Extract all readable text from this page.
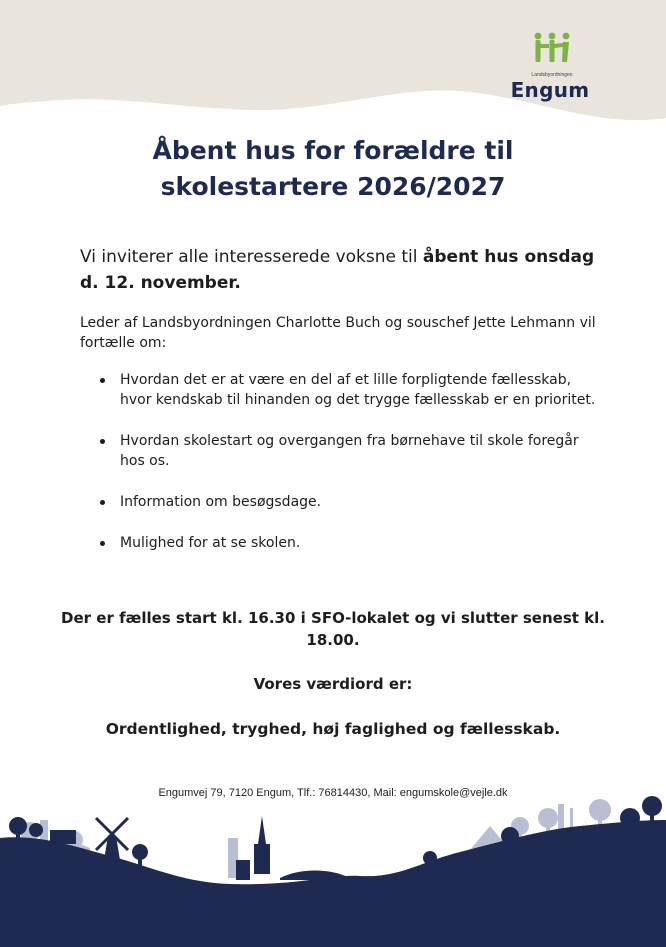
Landsbyordningen
Engum
Åbent hus for forældre til
skolestartere 2026/2027

Vi inviterer alle interesserede voksne til åbent hus onsdag d. 12. november.

Leder af Landsbyordningen Charlotte Buch og souschef Jette Lehmann vil fortælle om:

Hvordan det er at være en del af et lille forpligtende fællesskab, hvor kendskab til hinanden og det trygge fællesskab er en prioritet.
Hvordan skolestart og overgangen fra børnehave til skole foregår hos os.
Information om besøgsdage.
Mulighed for at se skolen.

Der er fælles start kl. 16.30 i SFO-lokalet og vi slutter senest kl. 18.00.

Vores værdiord er:

Ordentlighed, tryghed, høj faglighed og fællesskab.

Engumvej 79, 7120 Engum, Tlf.: 76814430, Mail: engumskole@vejle.dk
